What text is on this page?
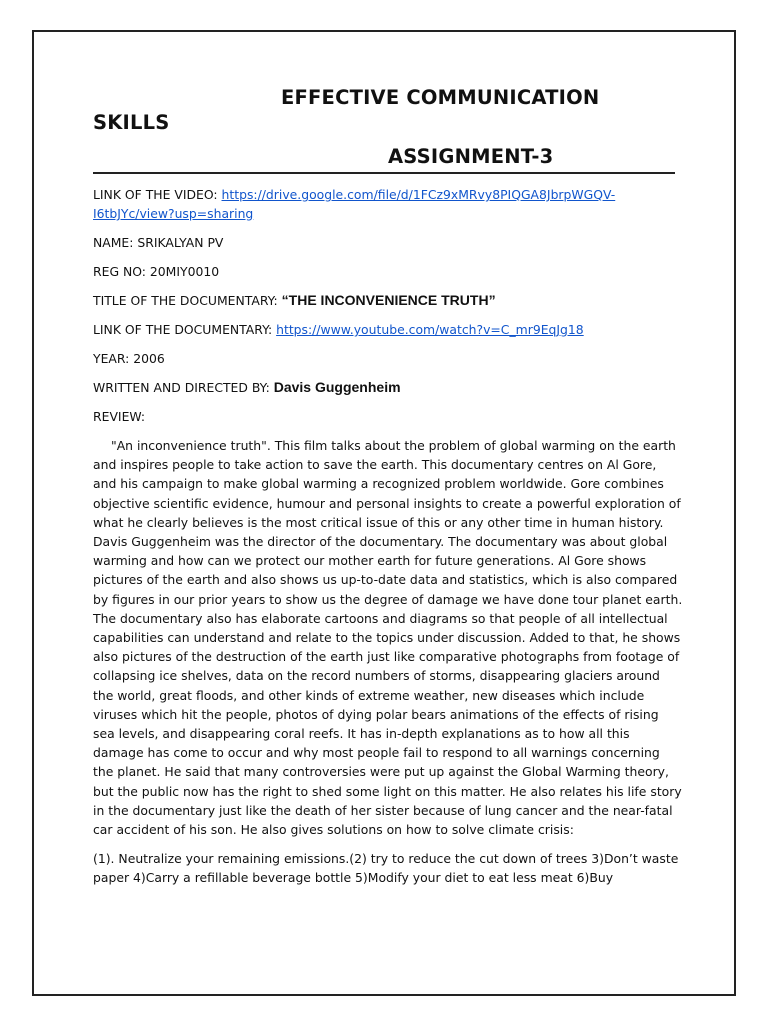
EFFECTIVE COMMUNICATION
SKILLS
ASSIGNMENT-3
LINK OF THE VIDEO: https://drive.google.com/file/d/1FCz9xMRvy8PIQGA8JbrpWGQV-I6tbJYc/view?usp=sharing
NAME: SRIKALYAN PV
REG NO: 20MIY0010
TITLE OF THE DOCUMENTARY: “THE INCONVENIENCE TRUTH”
LINK OF THE DOCUMENTARY: https://www.youtube.com/watch?v=C_mr9EqJg18
YEAR: 2006
WRITTEN AND DIRECTED BY: Davis Guggenheim
REVIEW:
"An inconvenience truth". This film talks about the problem of global warming on the earth and inspires people to take action to save the earth. This documentary centres on Al Gore, and his campaign to make global warming a recognized problem worldwide. Gore combines objective scientific evidence, humour and personal insights to create a powerful exploration of what he clearly believes is the most critical issue of this or any other time in human history. Davis Guggenheim was the director of the documentary. The documentary was about global warming and how can we protect our mother earth for future generations. Al Gore shows pictures of the earth and also shows us up-to-date data and statistics, which is also compared by figures in our prior years to show us the degree of damage we have done tour planet earth. The documentary also has elaborate cartoons and diagrams so that people of all intellectual capabilities can understand and relate to the topics under discussion. Added to that, he shows also pictures of the destruction of the earth just like comparative photographs from footage of collapsing ice shelves, data on the record numbers of storms, disappearing glaciers around the world, great floods, and other kinds of extreme weather, new diseases which include viruses which hit the people, photos of dying polar bears animations of the effects of rising sea levels, and disappearing coral reefs. It has in-depth explanations as to how all this damage has come to occur and why most people fail to respond to all warnings concerning the planet. He said that many controversies were put up against the Global Warming theory, but the public now has the right to shed some light on this matter. He also relates his life story in the documentary just like the death of her sister because of lung cancer and the near-fatal car accident of his son. He also gives solutions on how to solve climate crisis:
(1). Neutralize your remaining emissions.(2) try to reduce the cut down of trees 3)Don’t waste paper 4)Carry a refillable beverage bottle 5)Modify your diet to eat less meat 6)Buy
